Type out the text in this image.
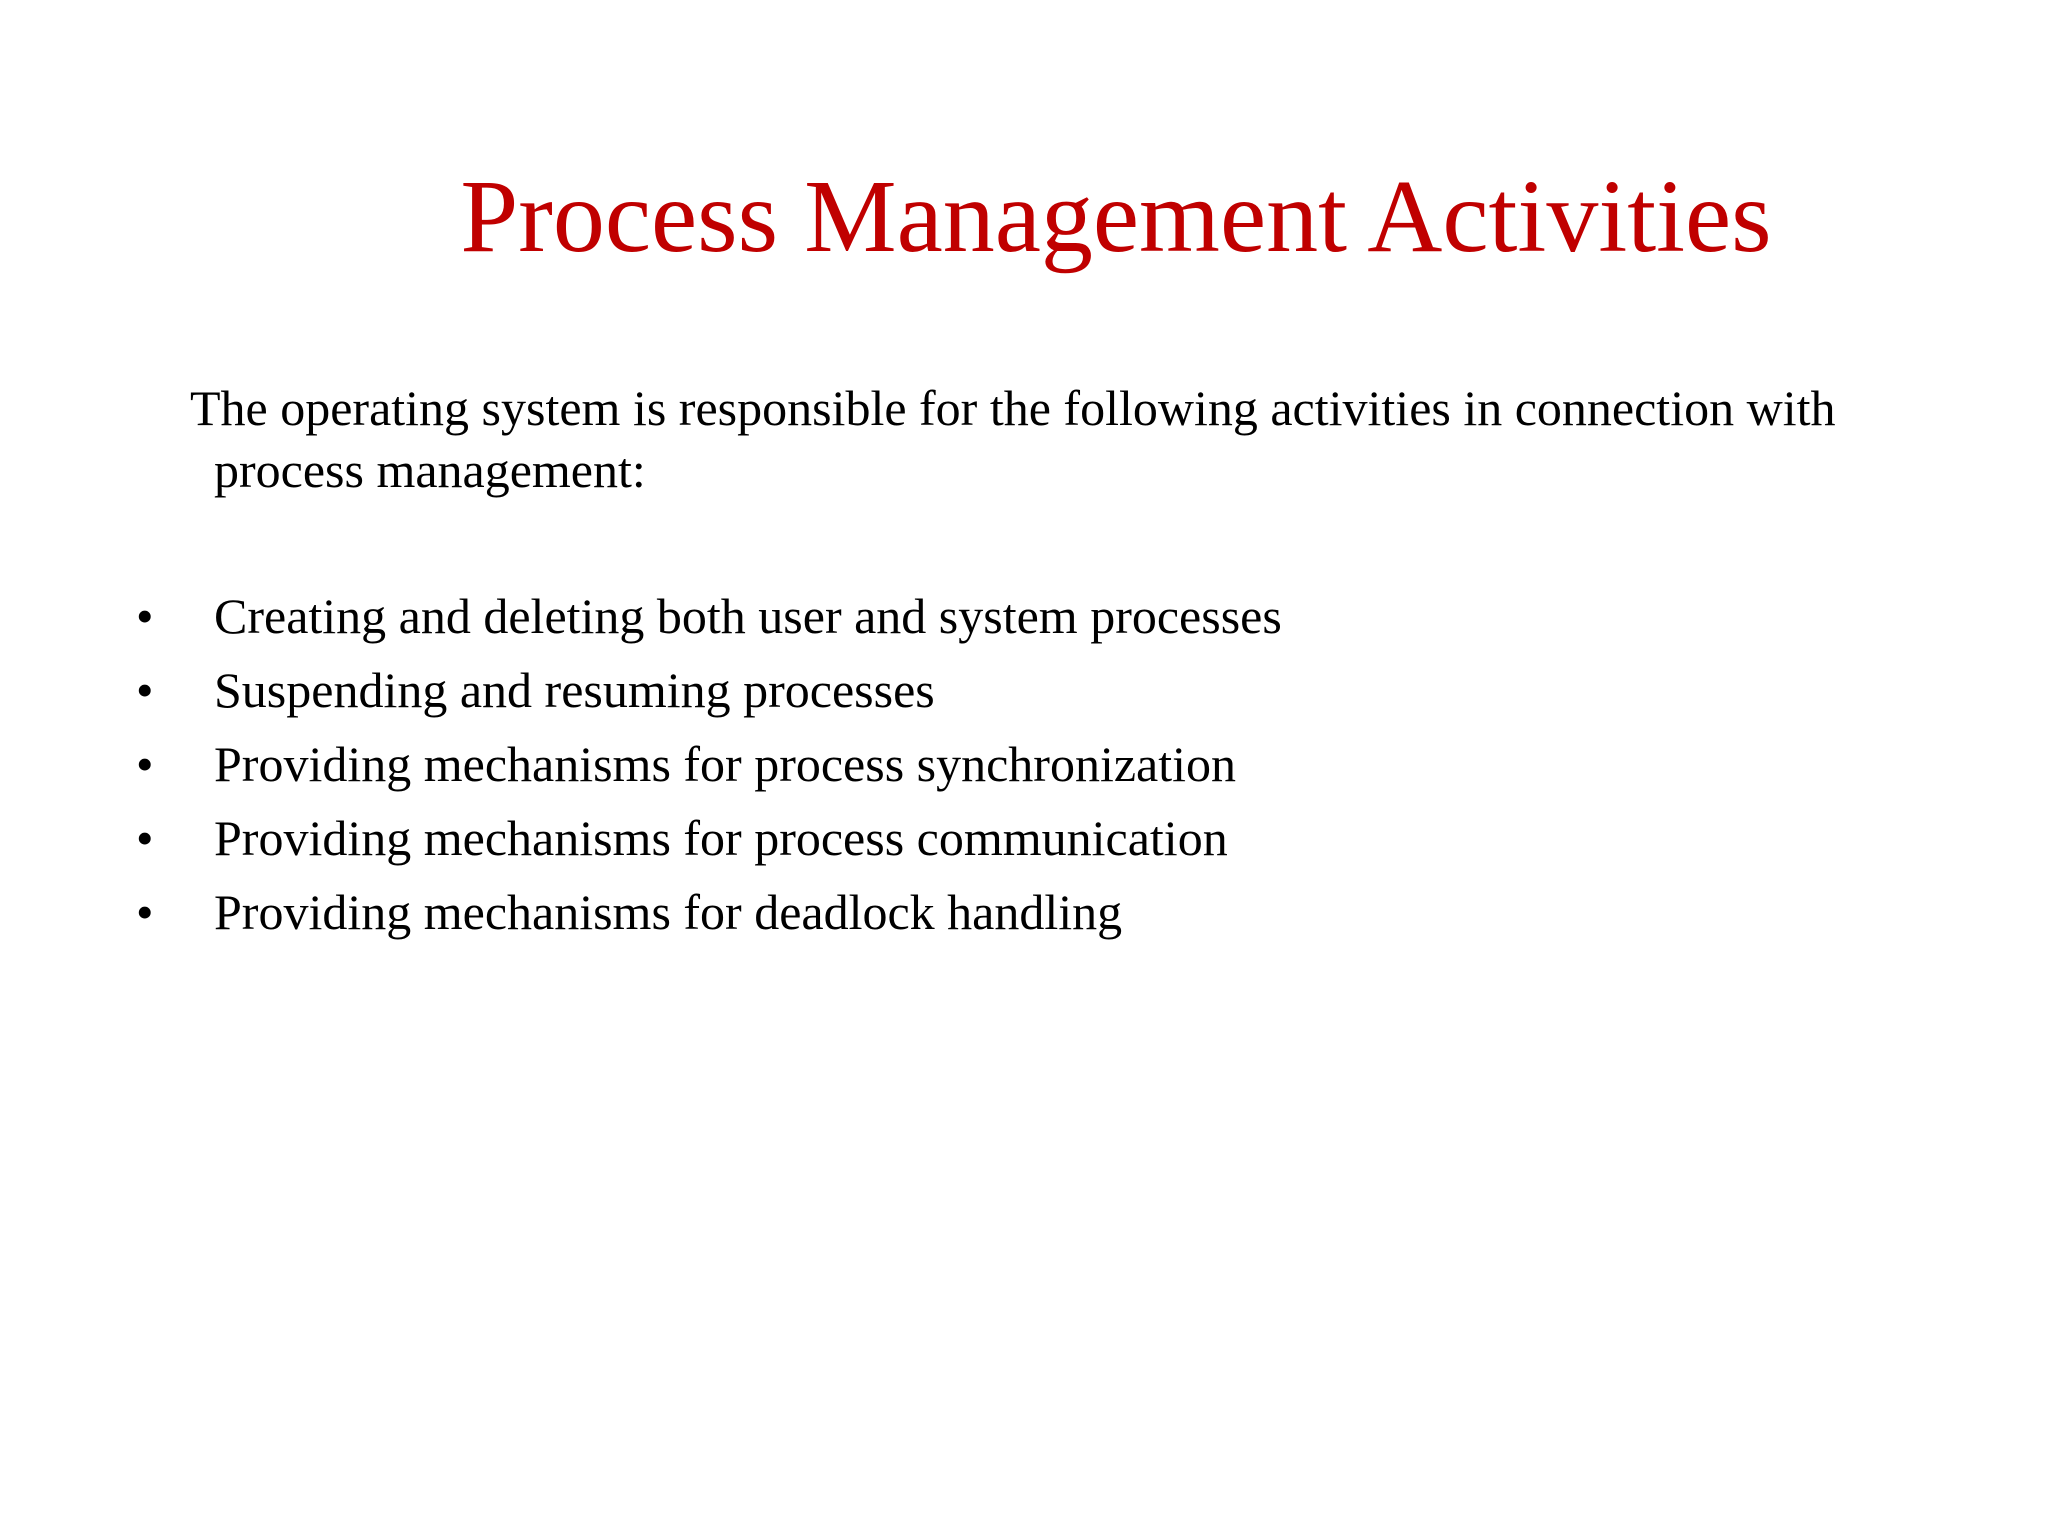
Process Management Activities
The operating system is responsible for the following activities in connection with
process management:
• Creating and deleting both user and system processes
• Suspending and resuming processes
• Providing mechanisms for process synchronization
• Providing mechanisms for process communication
• Providing mechanisms for deadlock handling
